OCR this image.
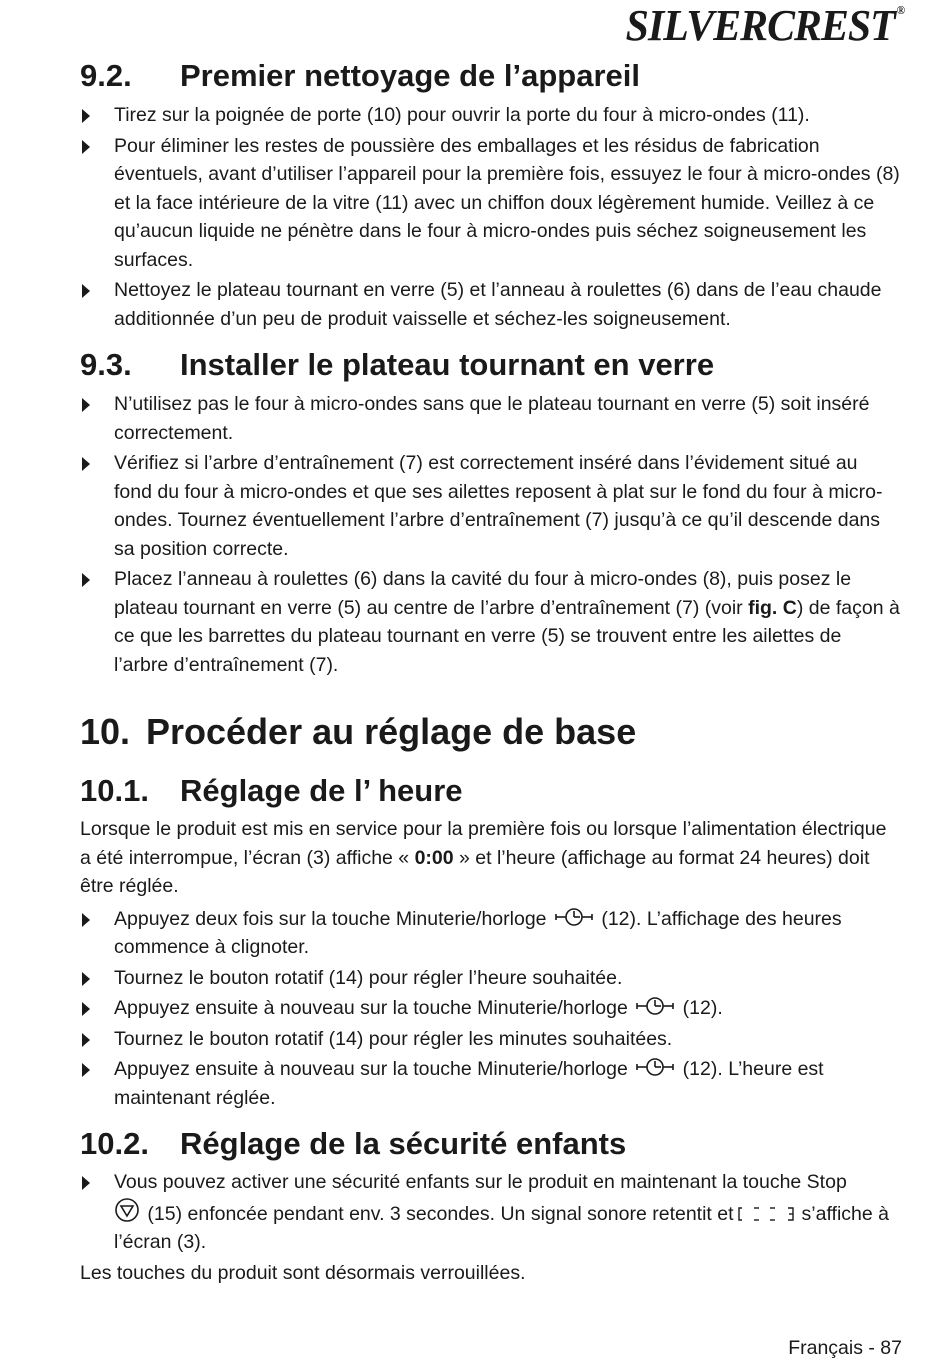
SILVERCREST ®
9.2.	Premier nettoyage de l’appareil
Tirez sur la poignée de porte (10) pour ouvrir la porte du four à micro-ondes (11).
Pour éliminer les restes de poussière des emballages et les résidus de fabrication éventuels, avant d’utiliser l’appareil pour la première fois, essuyez le four à micro-ondes (8) et la face intérieure de la vitre (11) avec un chiffon doux légèrement humide. Veillez à ce qu’aucun liquide ne pénètre dans le four à micro-ondes puis séchez soigneusement les surfaces.
Nettoyez le plateau tournant en verre (5) et l’anneau à roulettes (6) dans de l’eau chaude additionnée d’un peu de produit vaisselle et séchez-les soigneusement.
9.3.	Installer le plateau tournant en verre
N’utilisez pas le four à micro-ondes sans que le plateau tournant en verre (5) soit inséré correctement.
Vérifiez si l’arbre d’entraînement (7) est correctement inséré dans l’évidement situé au fond du four à micro-ondes et que ses ailettes reposent à plat sur le fond du four à micro-ondes. Tournez éventuellement l’arbre d’entraînement (7) jusqu’à ce qu’il descende dans sa position correcte.
Placez l’anneau à roulettes (6) dans la cavité du four à micro-ondes (8), puis posez le plateau tournant en verre (5) au centre de l’arbre d’entraînement (7) (voir fig. C) de façon à ce que les barrettes du plateau tournant en verre (5) se trouvent entre les ailettes de l’arbre d’entraînement (7).
10. Procéder au réglage de base
10.1.	Réglage de l’ heure

Lorsque le produit est mis en service pour la première fois ou lorsque l’alimentation électrique a été interrompue, l’écran (3) affiche « 0:00 » et l’heure (affichage au format 24 heures) doit être réglée.

Appuyez deux fois sur la touche Minuterie/horloge  (12). L’affichage des heures commence à clignoter.
Tournez le bouton rotatif (14) pour régler l’heure souhaitée.
Appuyez ensuite à nouveau sur la touche Minuterie/horloge  (12).
Tournez le bouton rotatif (14) pour régler les minutes souhaitées.
Appuyez ensuite à nouveau sur la touche Minuterie/horloge  (12). L’heure est maintenant réglée.
10.2.	Réglage de la sécurité enfants
Vous pouvez activer une sécurité enfants sur le produit en maintenant la touche Stop
(15) enfoncée pendant env. 3 secondes. Un signal sonore retentit et	s’affiche à l’écran (3).

Les touches du produit sont désormais verrouillées.

Français - 87
